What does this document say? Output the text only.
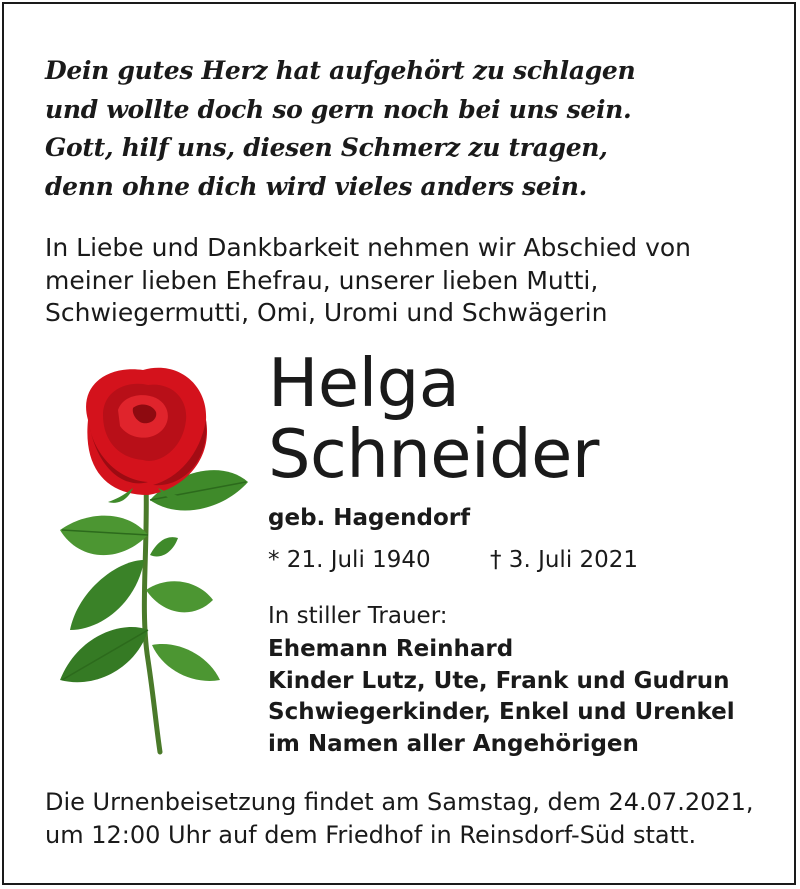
Dein gutes Herz hat aufgehört zu schlagen
und wollte doch so gern noch bei uns sein.
Gott, hilf uns, diesen Schmerz zu tragen,
denn ohne dich wird vieles anders sein.
In Liebe und Dankbarkeit nehmen wir Abschied von
meiner lieben Ehefrau, unserer lieben Mutti,
Schwiegermutti, Omi, Uromi und Schwägerin
Helga
Schneider
geb. Hagendorf
* 21. Juli 1940	† 3. Juli 2021
In stiller Trauer:
Ehemann Reinhard
Kinder Lutz, Ute, Frank und Gudrun
Schwiegerkinder, Enkel und Urenkel
im Namen aller Angehörigen
Die Urnenbeisetzung findet am Samstag, dem 24.07.2021,
um 12:00 Uhr auf dem Friedhof in Reinsdorf-Süd statt.
